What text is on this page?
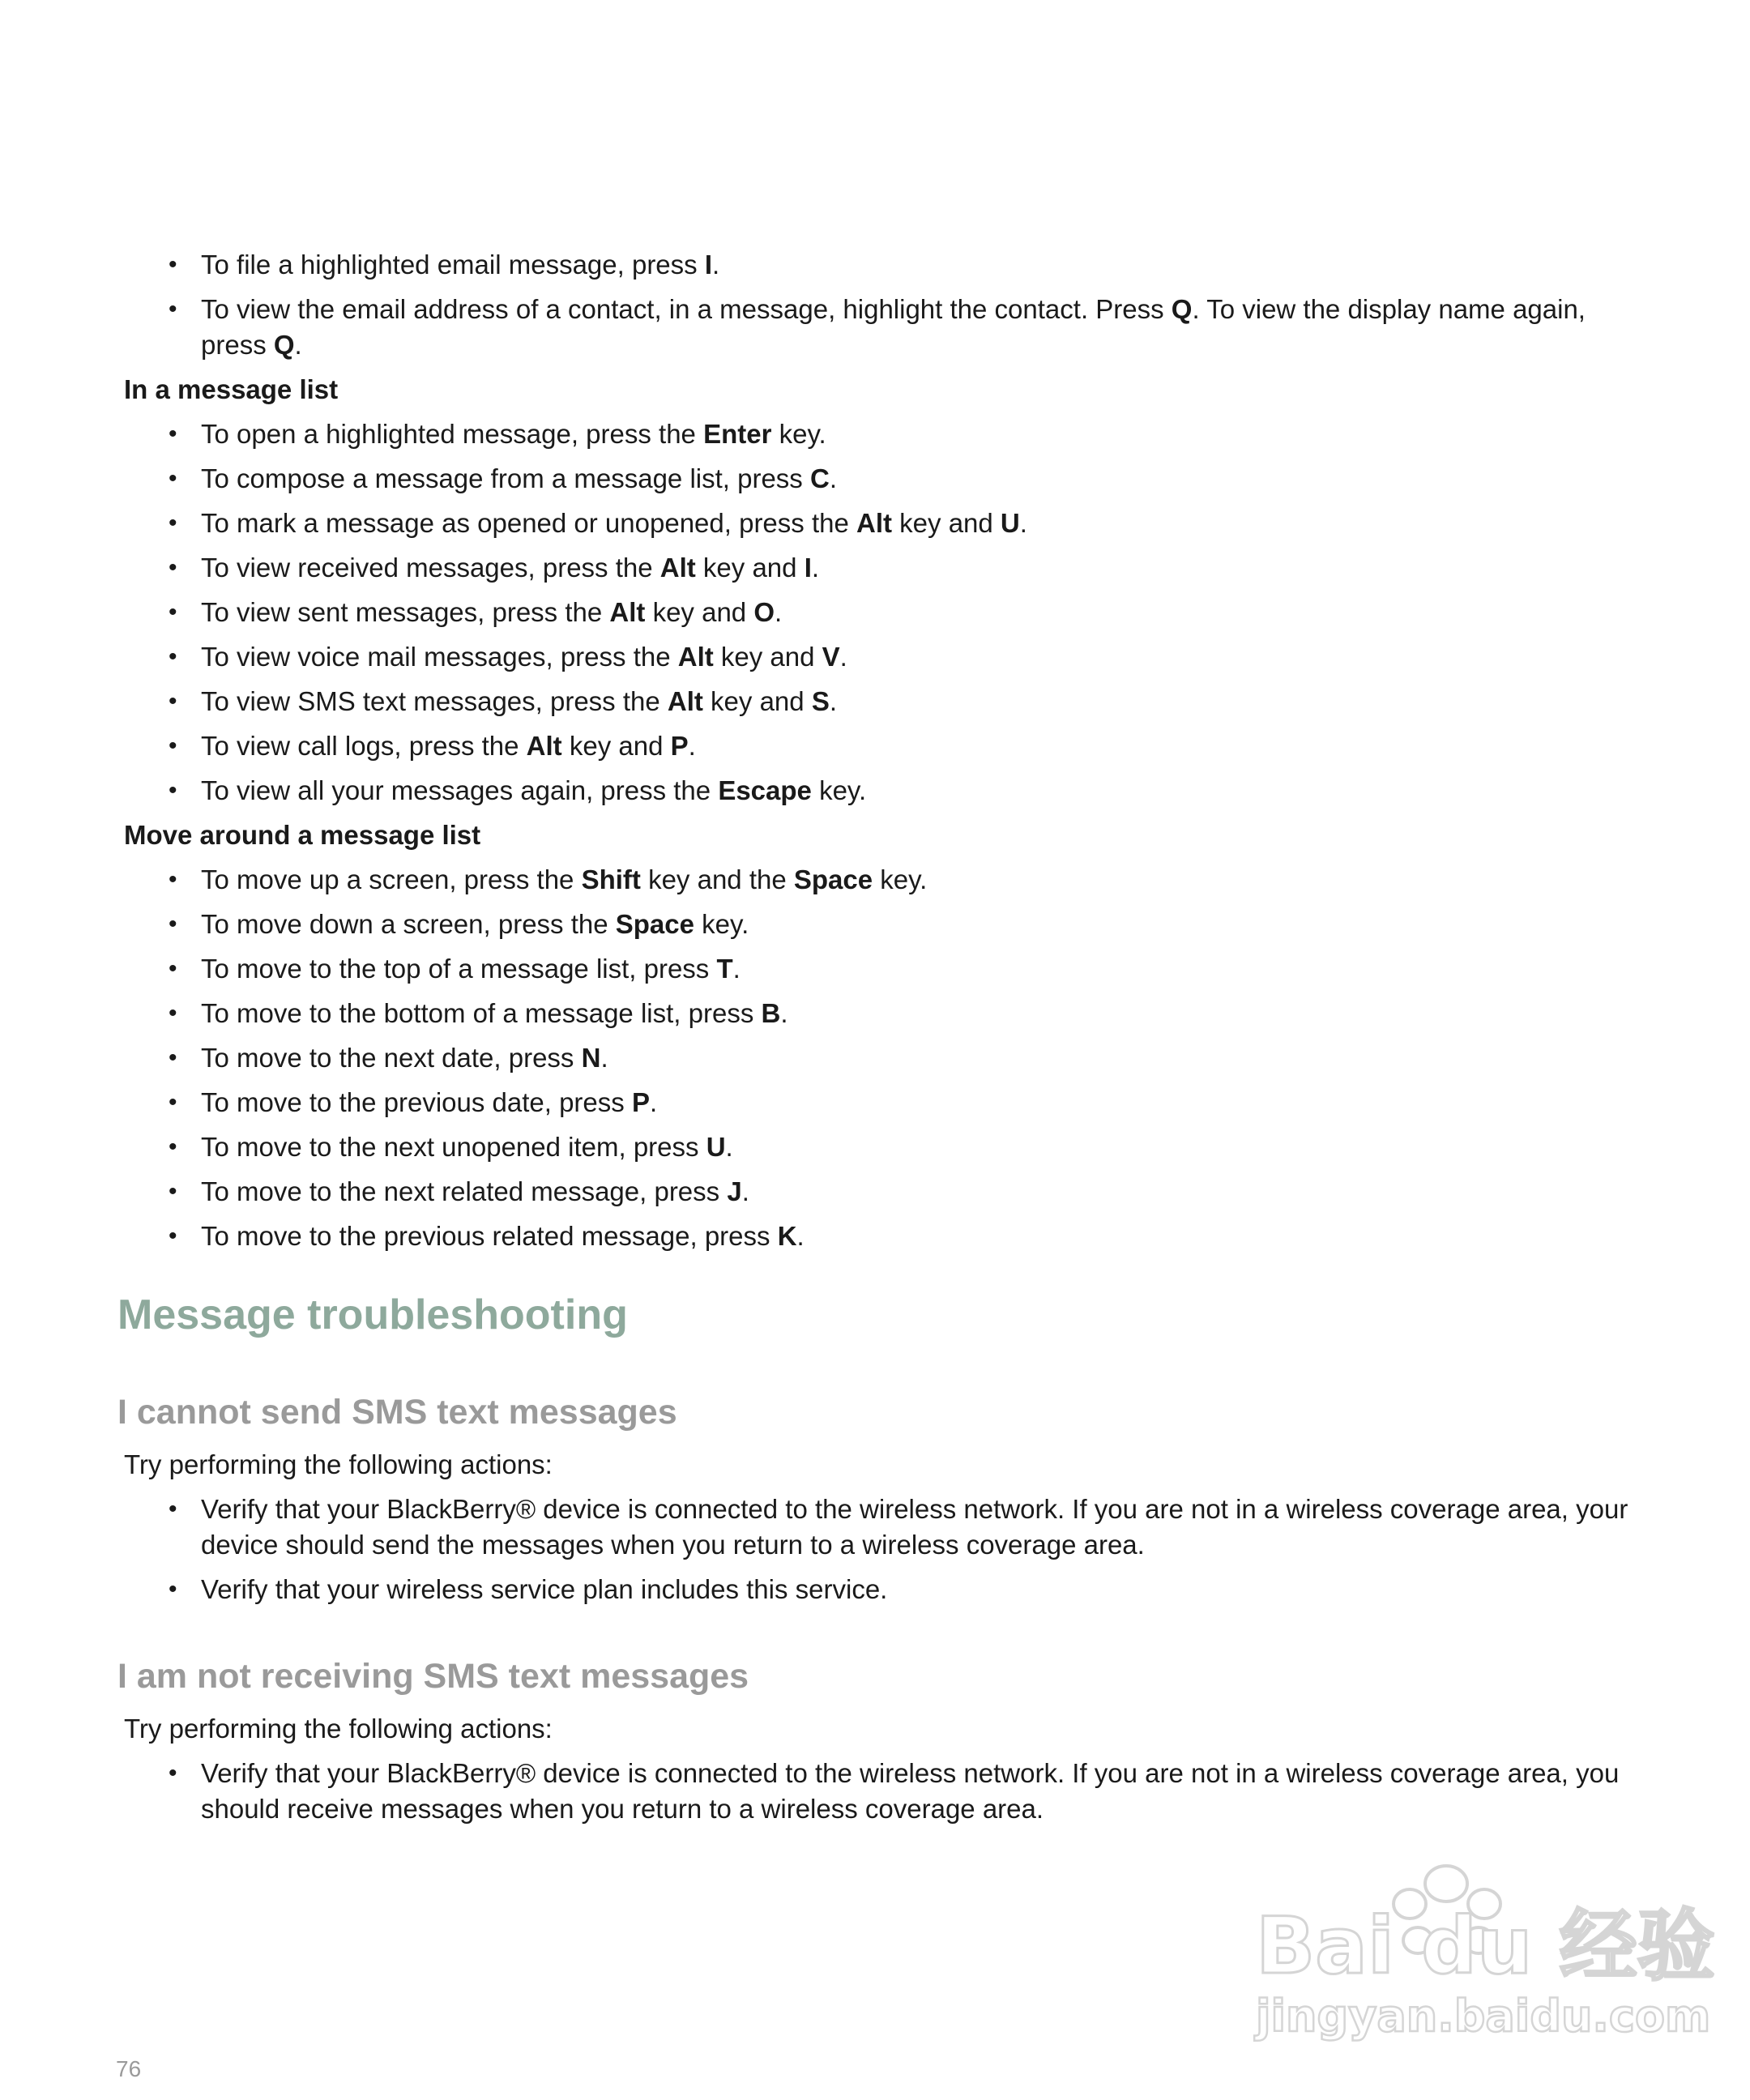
• To file a highlighted email message, press I.
• To view the email address of a contact, in a message, highlight the contact. Press Q. To view the display name again, press Q.
In a message list
• To open a highlighted message, press the Enter key.
• To compose a message from a message list, press C.
• To mark a message as opened or unopened, press the Alt key and U.
• To view received messages, press the Alt key and I.
• To view sent messages, press the Alt key and O.
• To view voice mail messages, press the Alt key and V.
• To view SMS text messages, press the Alt key and S.
• To view call logs, press the Alt key and P.
• To view all your messages again, press the Escape key.
Move around a message list
• To move up a screen, press the Shift key and the Space key.
• To move down a screen, press the Space key.
• To move to the top of a message list, press T.
• To move to the bottom of a message list, press B.
• To move to the next date, press N.
• To move to the previous date, press P.
• To move to the next unopened item, press U.
• To move to the next related message, press J.
• To move to the previous related message, press K.
Message troubleshooting
I cannot send SMS text messages
Try performing the following actions:
• Verify that your BlackBerry® device is connected to the wireless network. If you are not in a wireless coverage area, your device should send the messages when you return to a wireless coverage area.
• Verify that your wireless service plan includes this service.
I am not receiving SMS text messages
Try performing the following actions:
• Verify that your BlackBerry® device is connected to the wireless network. If you are not in a wireless coverage area, you should receive messages when you return to a wireless coverage area.
Bai du 经验
jingyan.baidu.com
76
